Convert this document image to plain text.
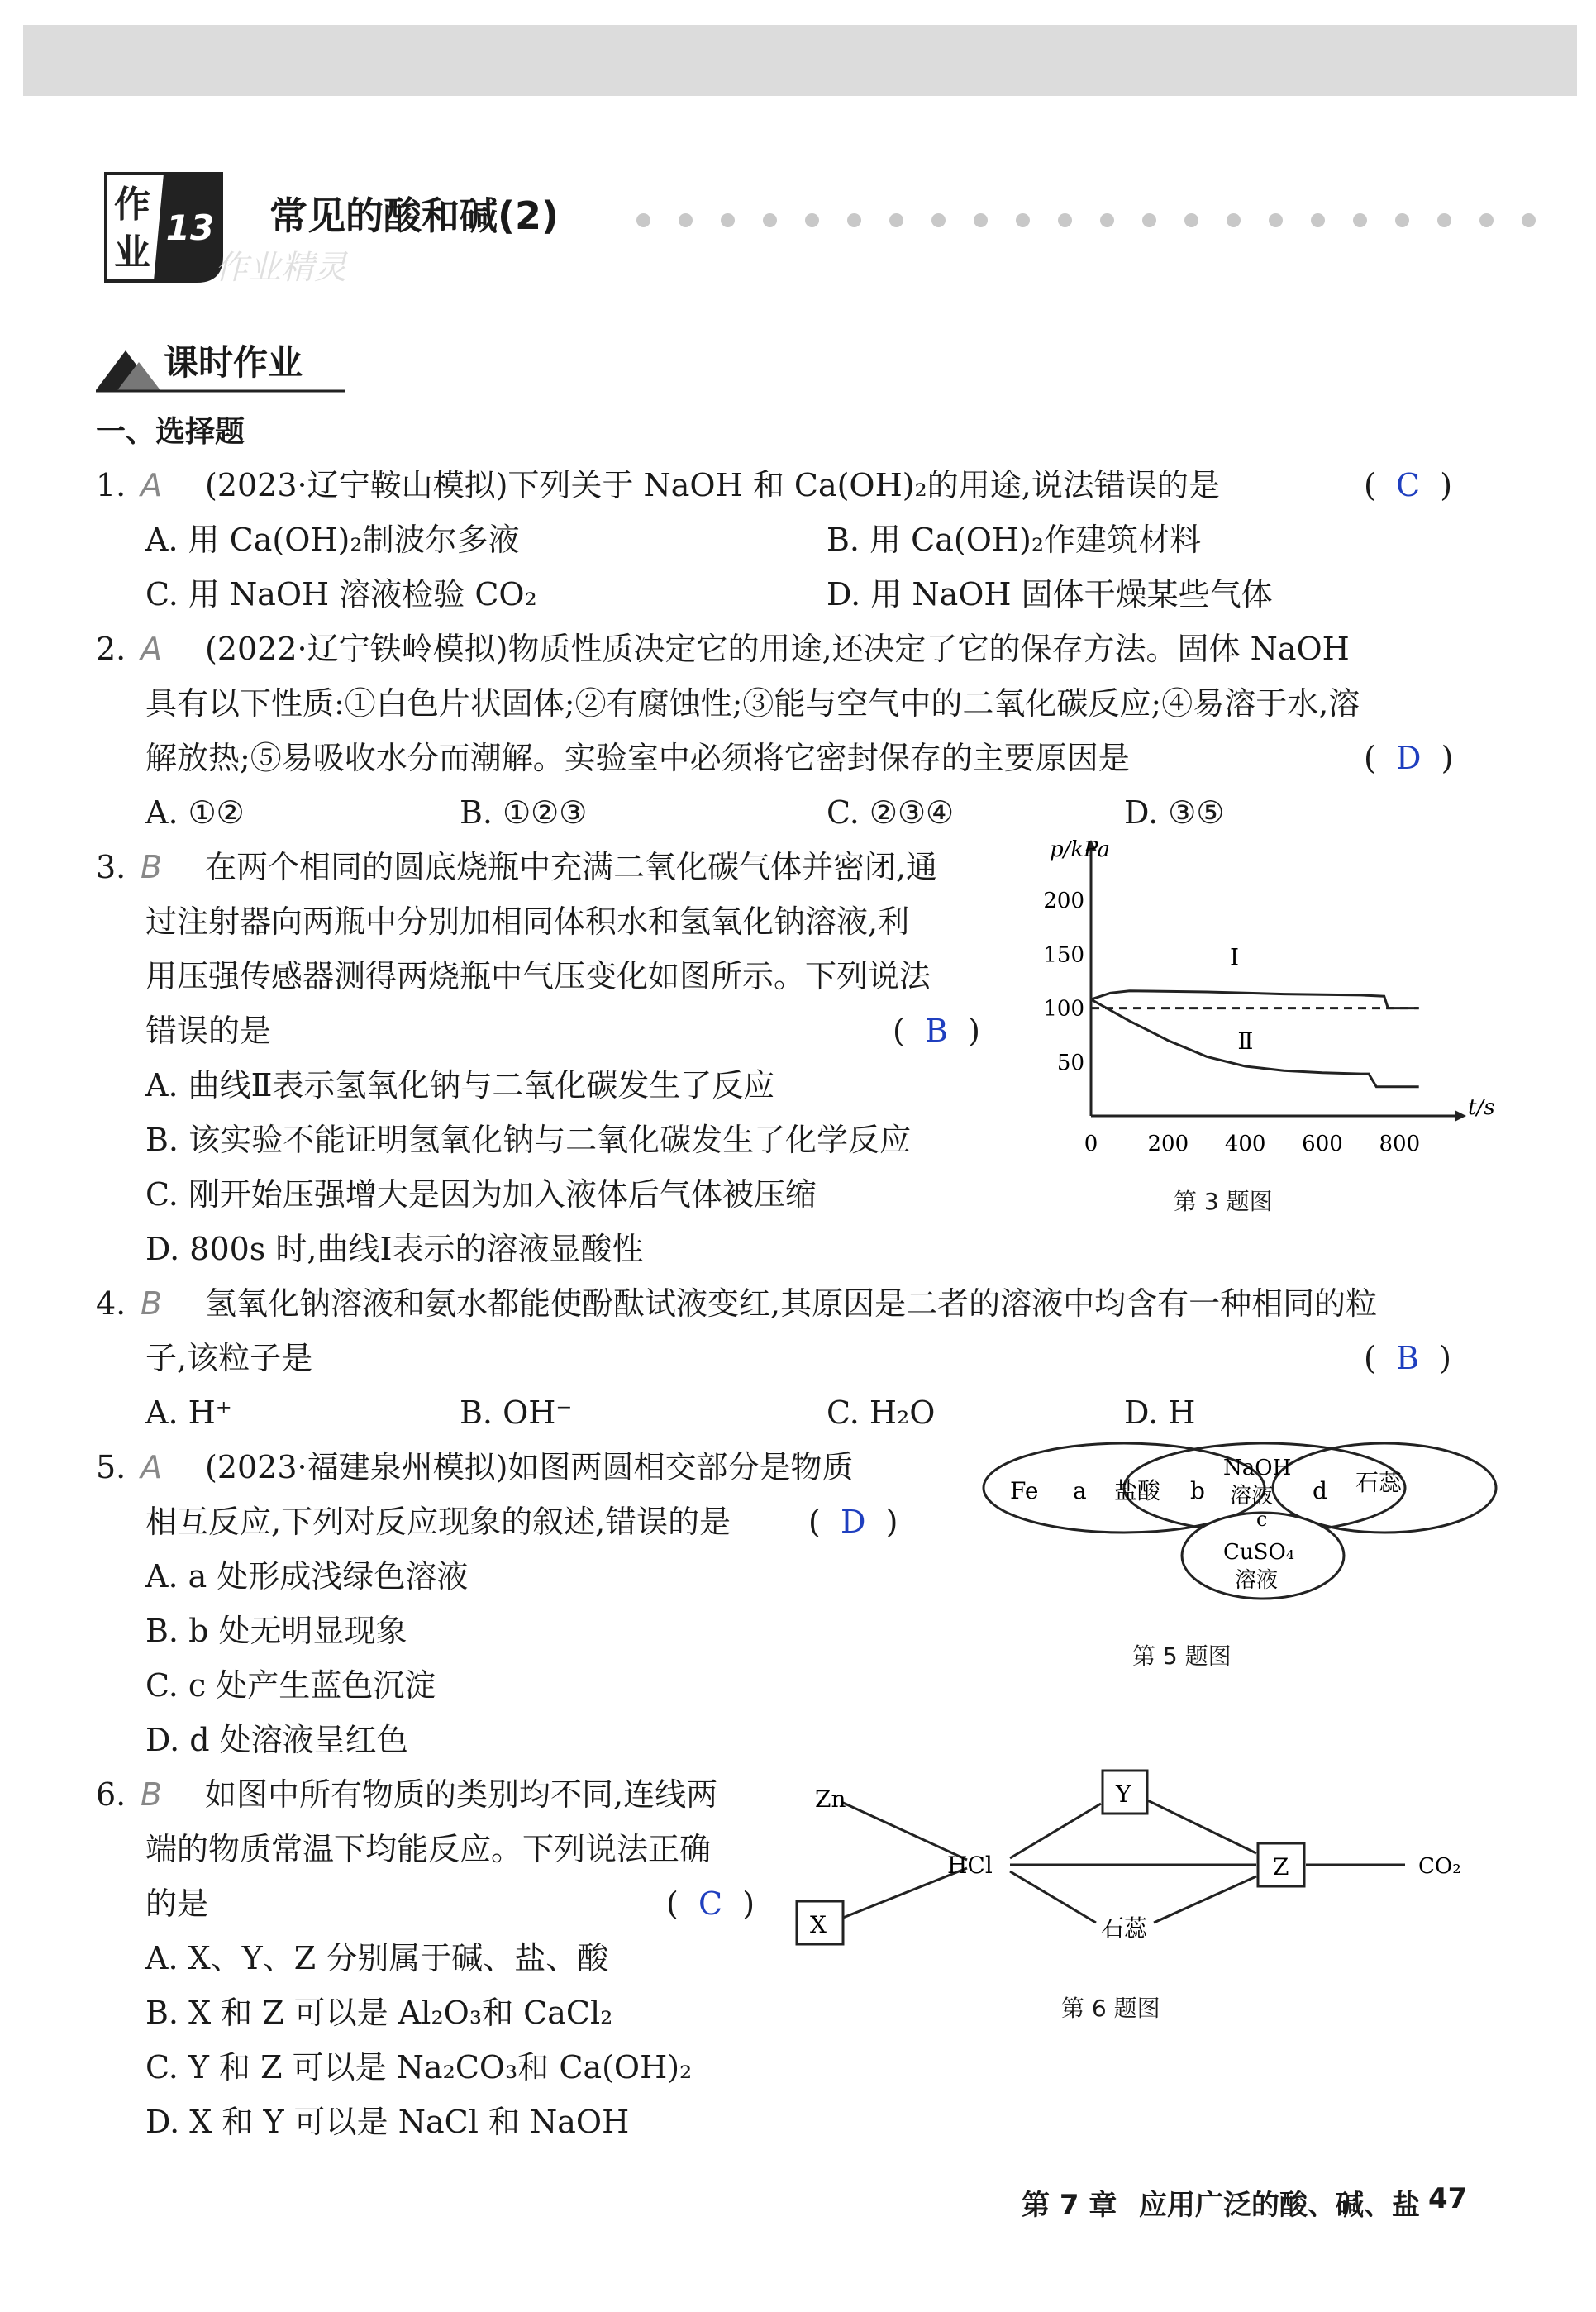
作
业
13 常见的酸和碱(2)
作业精灵
课时作业
一、选择题
1. A (2023·辽宁鞍山模拟)下列关于 NaOH 和 Ca(OH)₂的用途,说法错误的是	(  C  )
A. 用 Ca(OH)₂制波尔多液	B. 用 Ca(OH)₂作建筑材料
C. 用 NaOH 溶液检验 CO₂	D. 用 NaOH 固体干燥某些气体
2. A (2022·辽宁铁岭模拟)物质性质决定它的用途,还决定了它的保存方法。固体 NaOH
具有以下性质:①白色片状固体;②有腐蚀性;③能与空气中的二氧化碳反应;④易溶于水,溶
解放热;⑤易吸收水分而潮解。实验室中必须将它密封保存的主要原因是	(  D  )
A. ①②	B. ①②③	C. ②③④	D. ③⑤
3. B 在两个相同的圆底烧瓶中充满二氧化碳气体并密闭,通
过注射器向两瓶中分别加相同体积水和氢氧化钠溶液,利
用压强传感器测得两烧瓶中气压变化如图所示。下列说法
错误的是	(  B  )
A. 曲线Ⅱ表示氢氧化钠与二氧化碳发生了反应
B. 该实验不能证明氢氧化钠与二氧化碳发生了化学反应
C. 刚开始压强增大是因为加入液体后气体被压缩
D. 800s 时,曲线Ⅰ表示的溶液显酸性
p/kPa
t/s
0 200 400 600 800
50
100
150
200
Ⅰ
Ⅱ
第 3 题图
4. B 氢氧化钠溶液和氨水都能使酚酞试液变红,其原因是二者的溶液中均含有一种相同的粒
子,该粒子是	(  B  )
A. H⁺	B. OH⁻	C. H₂O	D. H
5. A (2023·福建泉州模拟)如图两圆相交部分是物质
相互反应,下列对反应现象的叙述,错误的是 (  D  )
A. a 处形成浅绿色溶液
B. b 处无明显现象
C. c 处产生蓝色沉淀
D. d 处溶液呈红色
Fe a 盐酸 b
NaOH
溶液
c
d 石蕊
CuSO₄
溶液
第 5 题图
6. B 如图中所有物质的类别均不同,连线两
端的物质常温下均能反应。下列说法正确
的是	(  C  )
A. X、Y、Z 分别属于碱、盐、酸
B. X 和 Z 可以是 Al₂O₃和 CaCl₂
C. Y 和 Z 可以是 Na₂CO₃和 Ca(OH)₂
D. X 和 Y 可以是 NaCl 和 NaOH
Zn	Y
HCl	Z	CO₂
X	石蕊
第 6 题图
第 7 章 应用广泛的酸、碱、盐 47
